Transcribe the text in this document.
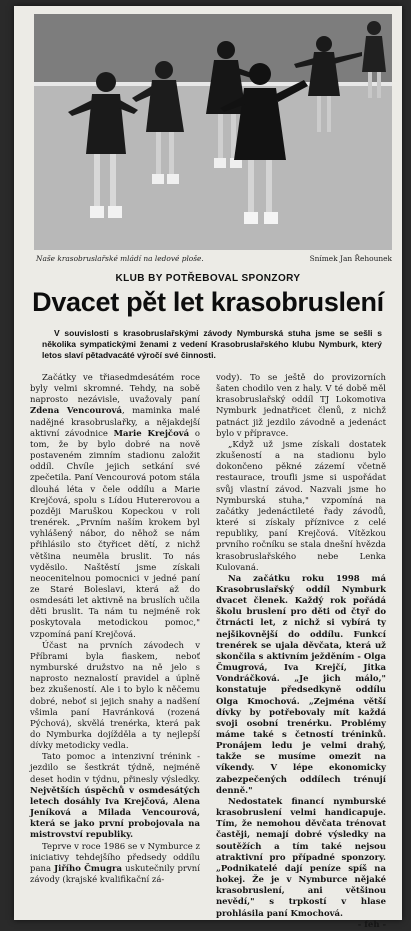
Naše krasobruslařské mládí na ledové ploše.	Snímek Jan Řehounek
KLUB BY POTŘEBOVAL SPONZORY
Dvacet pět let krasobruslení
V souvislosti s krasobruslařskými závody Nymburská stuha jsme se sešli s několika sympatickými ženami z vedení Krasobruslařského klubu Nymburk, který letos slaví pětadvacáté výročí své činnosti.

Začátky ve třiasedmdesátém roce byly velmi skromné. Tehdy, na sobě naprosto nezávisle, uvažovaly paní Zdena Vencourová, maminka malé nadějné krasobruslařky, a nějakdejší aktivní závodnice Marie Krejčová o tom, že by bylo dobré na nově postaveném zimním stadionu založit oddíl. Chvíle jejich setkání své zpečetila. Paní Vencourová potom stála dlouhá léta v čele oddílu a Marie Krejčová, spolu s Lídou Hutererovou a později Maruškou Kopeckou v roli trenérek. „Prvním naším krokem byl vyhlášený nábor, do něhož se nám přihlásilo sto čtyřicet dětí, z nichž většina neuměla bruslit. To nás vyděsilo. Naštěstí jsme získali neocenitelnou pomocnici v jedné paní ze Staré Boleslavi, která až do osmdesáti let aktivně na bruslích učila děti bruslit. Ta nám tu nejméně rok poskytovala metodickou pomoc," vzpomíná paní Krejčová.

Účast na prvních závodech v Příbrami byla fiaskem, neboť nymburské družstvo na ně jelo s naprosto neznalostí pravidel a úplně bez zkušeností. Ale i to bylo k něčemu dobré, neboť si jejich snahy a nadšení všimla paní Havránková (rozená Pýchová), skvělá trenérka, která pak do Nymburka dojížděla a ty nejlepší dívky metodicky vedla.

Tato pomoc a intenzivní trénink - jezdilo se šestkrát týdně, nejméně deset hodin v týdnu, přinesly výsledky. Největších úspěchů v osmdesátých letech dosáhly Iva Krejčová, Alena Jeníková a Milada Vencourová, která se jako první probojovala na mistrovství republiky.

Teprve v roce 1986 se v Nymburce z iniciativy tehdejšího předsedy oddílu pana Jiřího Čmugra uskutečnily první závody (krajské kvalifikační zá-

vody). To se ještě do provizorních šaten chodilo ven z haly. V té době měl krasobruslařský oddíl TJ Lokomotiva Nymburk jednatřicet členů, z nichž patnáct již jezdilo závodně a jedenáct bylo v přípravce.

„Když už jsme získali dostatek zkušeností a na stadionu bylo dokončeno pěkné zázemí včetně restaurace, troufli jsme si uspořádat svůj vlastní závod. Nazvali jsme ho Nymburská stuha," vzpomíná na začátky jedenáctileté řady závodů, které si získaly příznivce z celé republiky, paní Krejčová. Vítězkou prvního ročníku se stala dnešní hvězda krasobruslařského nebe Lenka Kulovaná.

Na začátku roku 1998 má Krasobruslařský oddíl Nymburk dvacet členek. Každý rok pořádá školu bruslení pro děti od čtyř do čtrnácti let, z nichž si vybírá ty nejšikovnější do oddílu. Funkcí trenérek se ujala děvčata, která už skončila s aktivním ježděním - Olga Čmugrová, Iva Krejčí, Jitka Vondráčková. „Je jich málo," konstatuje předsedkyně oddílu Olga Kmochová. „Zejména větší dívky by potřebovaly mít každá svoji osobní trenérku. Problémy máme také s četností tréninků. Pronájem ledu je velmi drahý, takže se musíme omezit na víkendy. V lépe ekonomicky zabezpečených oddílech trénují denně."

Nedostatek financí nymburské krasobruslení velmi handicapuje. Tím, že nemohou děvčata trénovat častěji, nemají dobré výsledky na soutěžích a tím také nejsou atraktivní pro případné sponzory. „Podnikatelé dají peníze spíš na hokej. Že je v Nymburce nějaké krasobruslení, ani většinou nevědí," s trpkostí v hlase prohlásila paní Kmochová.

- feh -
